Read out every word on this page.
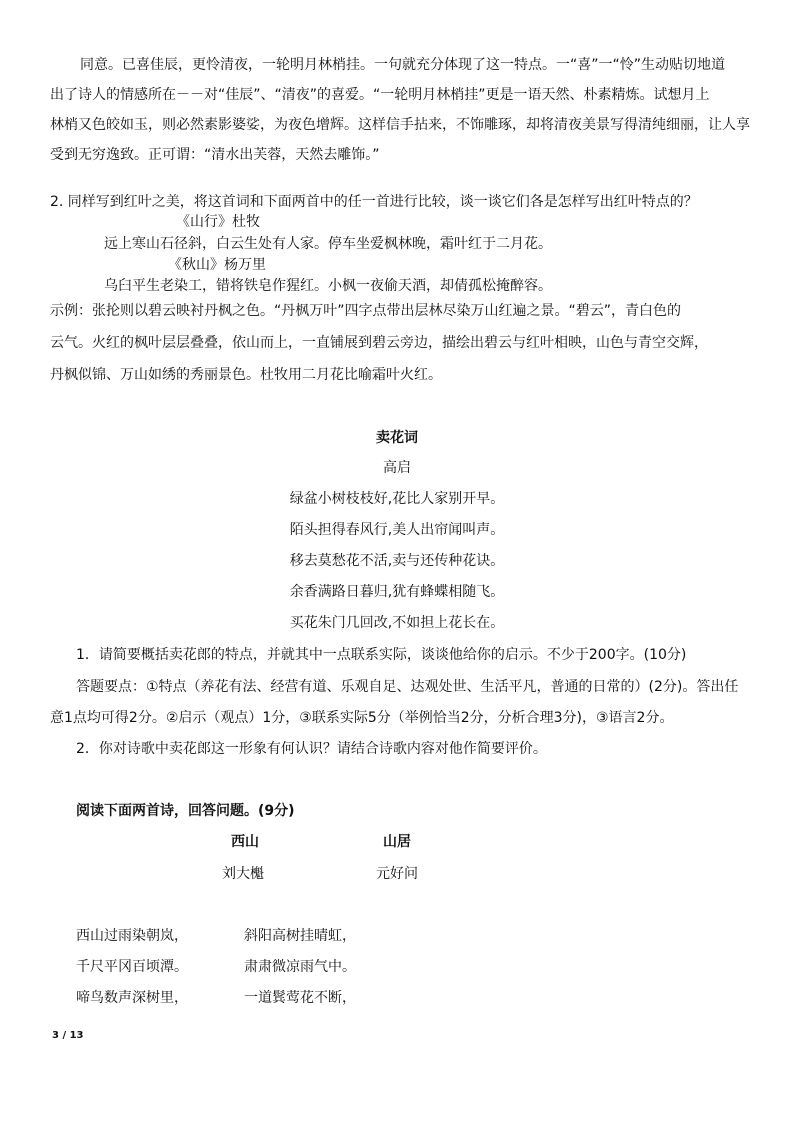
同意。已喜佳辰，更怜清夜，一轮明月林梢挂。一句就充分体现了这一特点。一“喜”一“怜”生动贴切地道
出了诗人的情感所在－－对“佳辰”、“清夜”的喜爱。“一轮明月林梢挂”更是一语天然、朴素精炼。试想月上
林梢又色皎如玉，则必然素影婆娑，为夜色增辉。这样信手拈来，不饰雕琢，却将清夜美景写得清纯细丽，让人享
受到无穷逸致。正可谓：“清水出芙蓉，天然去雕饰。”
2. 同样写到红叶之美，将这首词和下面两首中的任一首进行比较，谈一谈它们各是怎样写出红叶特点的？
《山行》杜牧
远上寒山石径斜，白云生处有人家。停车坐爱枫林晚，霜叶红于二月花。
《秋山》杨万里
乌臼平生老染工，错将铁皂作猩红。小枫一夜偷天酒，却倩孤松掩醉容。
示例：张抡则以碧云映衬丹枫之色。“丹枫万叶”四字点带出层林尽染万山红遍之景。“碧云”，青白色的
云气。火红的枫叶层层叠叠，依山而上，一直铺展到碧云旁边，描绘出碧云与红叶相映，山色与青空交辉，
丹枫似锦、万山如绣的秀丽景色。杜牧用二月花比喻霜叶火红。
卖花词
高启
绿盆小树枝枝好,花比人家别开早。
陌头担得春风行,美人出帘闻叫声。
移去莫愁花不活,卖与还传种花诀。
余香满路日暮归,犹有蜂蝶相随飞。
买花朱门几回改,不如担上花长在。
1．请简要概括卖花郎的特点，并就其中一点联系实际，谈谈他给你的启示。不少于200字。(10分)
答题要点：①特点（养花有法、经营有道、乐观自足、达观处世、生活平凡，普通的日常的）(2分)。答出任
意1点均可得2分。②启示（观点）1分，③联系实际5分（举例恰当2分，分析合理3分)，③语言2分。
2．你对诗歌中卖花郎这一形象有何认识？请结合诗歌内容对他作简要评价。
阅读下面两首诗，回答问题。(9分)
西山	山居
刘大櫆	元好问
西山过雨染朝岚，	斜阳高树挂晴虹，
千尺平冈百顷潭。	肃肃微凉雨气中。
啼鸟数声深树里，	一道鬂莺花不断，
3 / 13
